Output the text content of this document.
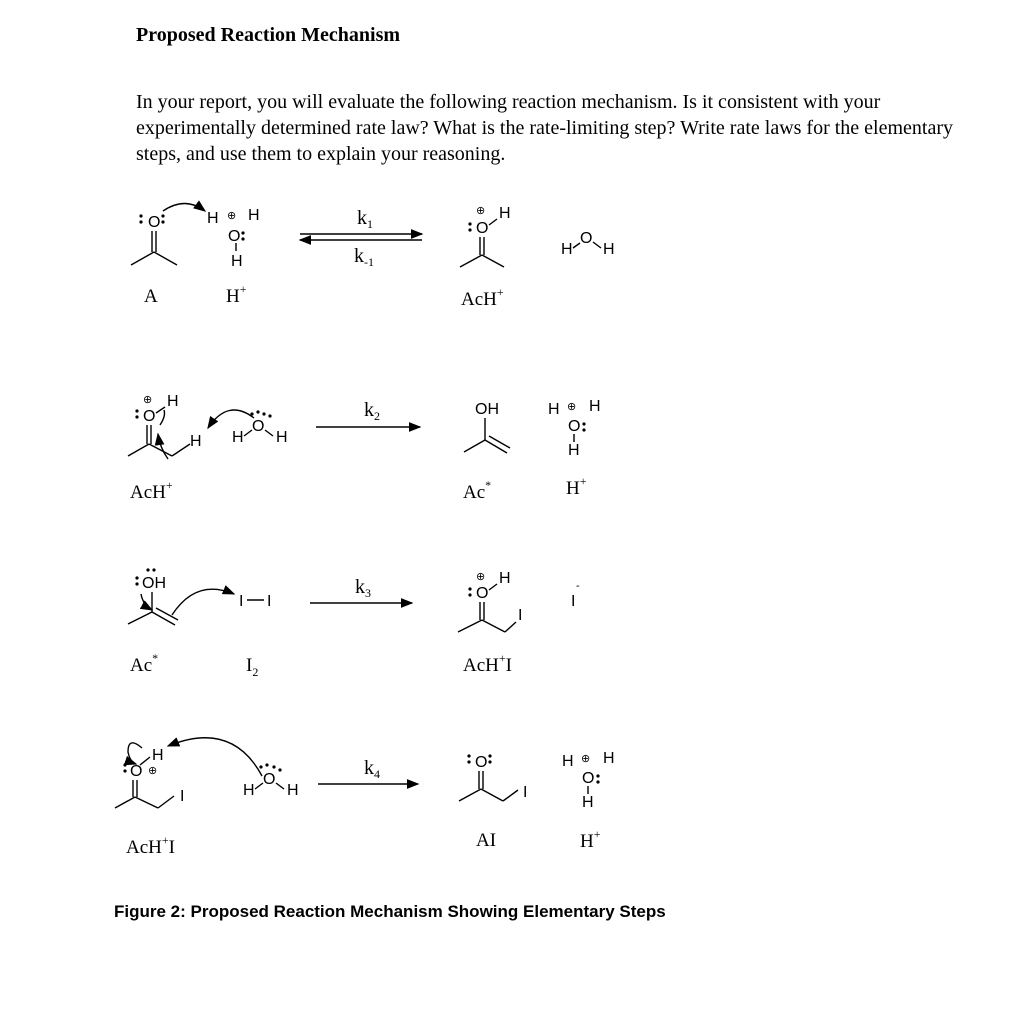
Proposed Reaction Mechanism
In your report, you will evaluate the following reaction mechanism. Is it consistent with your experimentally determined rate law? What is the rate-limiting step? Write rate laws for the elementary steps, and use them to explain your reasoning.
O	H ⊕ H
O
H
A	H+
$k_1$
$k_{-1}$
⊕ H
O
AcH+
H
O
H
⊕ H
O
H H
O
H
AcH+
$k_2$	OH
Ac*
H ⊕ H
O
H
H+
OH
I I
Ac*	$I_2$
$k_3$
⊕ H
O
I
AcH+I
-
I
O ⊕
H
I	H
O
H
AcH+I
$k_4$
O
I
AI
H ⊕ H
O
H
H+
Figure 2: Proposed Reaction Mechanism Showing Elementary Steps
